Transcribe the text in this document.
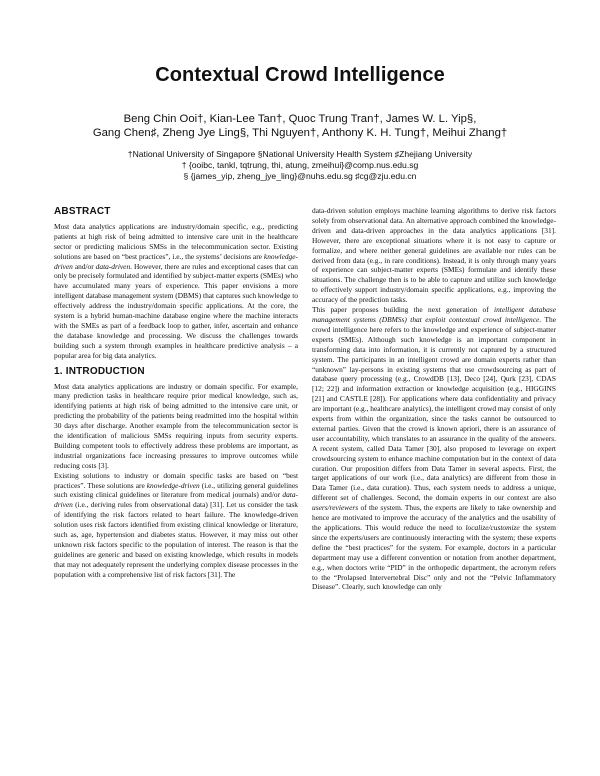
Contextual Crowd Intelligence
Beng Chin Ooi†, Kian-Lee Tan†, Quoc Trung Tran†, James W. L. Yip§,
Gang Chen♯, Zheng Jye Ling§, Thi Nguyen†, Anthony K. H. Tung†, Meihui Zhang†
†National University of Singapore §National University Health System ♯Zhejiang University
† {ooibc, tankl, tqtrung, thi, atung, zmeihui}@comp.nus.edu.sg
§ {james_yip, zheng_jye_ling}@nuhs.edu.sg ♯cg@zju.edu.cn
ABSTRACT

Most data analytics applications are industry/domain specific, e.g., predicting patients at high risk of being admitted to intensive care unit in the healthcare sector or predicting malicious SMSs in the telecommunication sector. Existing solutions are based on “best practices”, i.e., the systems’ decisions are knowledge-driven and/or data-driven. However, there are rules and exceptional cases that can only be precisely formulated and identified by subject-matter experts (SMEs) who have accumulated many years of experience. This paper envisions a more intelligent database management system (DBMS) that captures such knowledge to effectively address the industry/domain specific applications. At the core, the system is a hybrid human-machine database engine where the machine interacts with the SMEs as part of a feedback loop to gather, infer, ascertain and enhance the database knowledge and processing. We discuss the challenges towards building such a system through examples in healthcare predictive analysis – a popular area for big data analytics.

1. INTRODUCTION

Most data analytics applications are industry or domain specific. For example, many prediction tasks in healthcare require prior medical knowledge, such as, identifying patients at high risk of being admitted to the intensive care unit, or predicting the probability of the patients being readmitted into the hospital within 30 days after discharge. Another example from the telecommunication sector is the identification of malicious SMSs requiring inputs from security experts. Building competent tools to effectively address these problems are important, as industrial organizations face increasing pressures to improve outcomes while reducing costs [3].

Existing solutions to industry or domain specific tasks are based on “best practices”. These solutions are knowledge-driven (i.e., utilizing general guidelines such existing clinical guidelines or literature from medical journals) and/or data-driven (i.e., deriving rules from observational data) [31]. Let us consider the task of identifying the risk factors related to heart failure. The knowledge-driven solution uses risk factors identified from existing clinical knowledge or literature, such as, age, hypertension and diabetes status. However, it may miss out other unknown risk factors specific to the population of interest. The reason is that the guidelines are generic and based on existing knowledge, which results in models that may not adequately represent the underlying complex disease processes in the population with a comprehensive list of risk factors [31]. The

data-driven solution employs machine learning algorithms to derive risk factors solely from observational data. An alternative approach combined the knowledge-driven and data-driven approaches in the data analytics applications [31]. However, there are exceptional situations where it is not easy to capture or formalize, and where neither general guidelines are available nor rules can be derived from data (e.g., in rare conditions). Instead, it is only through many years of experience can subject-matter experts (SMEs) formulate and identify these situations. The challenge then is to be able to capture and utilize such knowledge to effectively support industry/domain specific applications, e.g., improving the accuracy of the prediction tasks.

This paper proposes building the next generation of intelligent database management systems (DBMSs) that exploit contextual crowd intelligence. The crowd intelligence here refers to the knowledge and experience of subject-matter experts (SMEs). Although such knowledge is an important component in transforming data into information, it is currently not captured by a structured system. The participants in an intelligent crowd are domain experts rather than “unknown” lay-persons in existing systems that use crowdsourcing as part of database query processing (e.g., CrowdDB [13], Deco [24], Qurk [23], CDAS [12; 22]) and information extraction or knowledge acquisition (e.g., HIGGINS [21] and CASTLE [28]). For applications where data confidentiality and privacy are important (e.g., healthcare analytics), the intelligent crowd may consist of only experts from within the organization, since the tasks cannot be outsourced to external parties. Given that the crowd is known apriori, there is an assurance of user accountability, which translates to an assurance in the quality of the answers. A recent system, called Data Tamer [30], also proposed to leverage on expert crowdsourcing system to enhance machine computation but in the context of data curation. Our proposition differs from Data Tamer in several aspects. First, the target applications of our work (i.e., data analytics) are different from those in Data Tamer (i.e., data curation). Thus, each system needs to address a unique, different set of challenges. Second, the domain experts in our context are also users/reviewers of the system. Thus, the experts are likely to take ownership and hence are motivated to improve the accuracy of the analytics and the usability of the applications. This would reduce the need to localize/customize the system since the experts/users are continuously interacting with the system; these experts define the “best practices” for the system. For example, doctors in a particular department may use a different convention or notation from another department, e.g., when doctors write “PID” in the orthopedic department, the acronym refers to the “Prolapsed Intervertebral Disc” only and not the “Pelvic Inflammatory Disease”. Clearly, such knowledge can only
